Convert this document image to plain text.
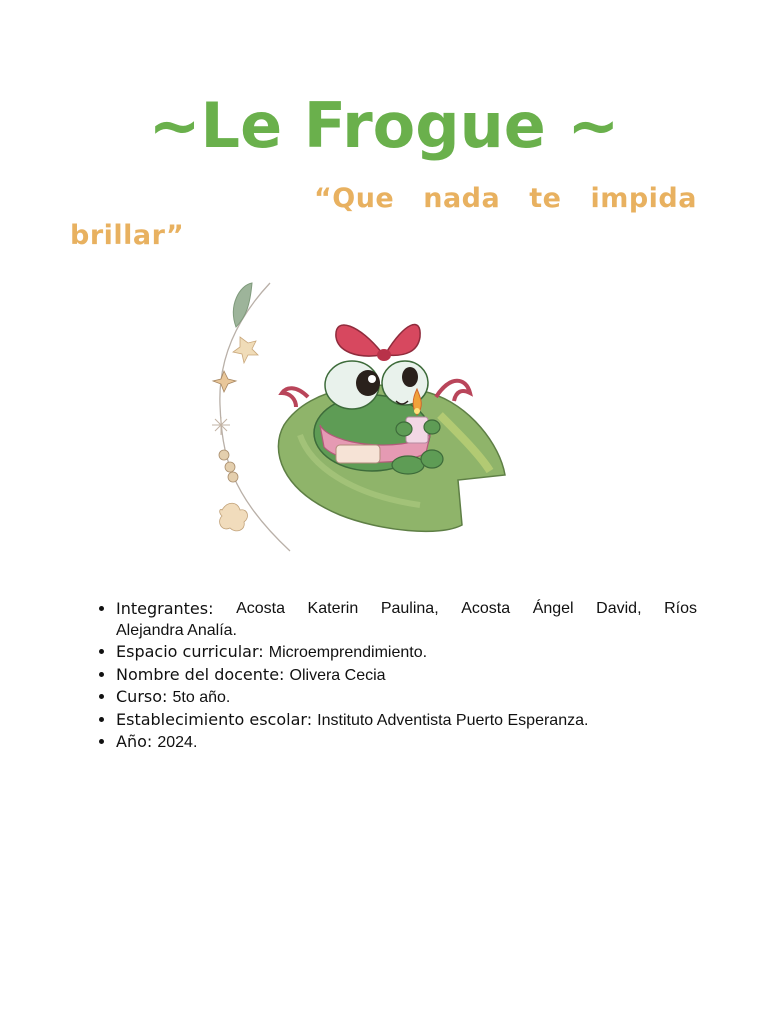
~Le Frogue ~
“Que nada te impida
brillar”
• Integrantes: Acosta Katerin Paulina, Acosta Ángel David, Ríos
Alejandra Analía.
• Espacio curricular: Microemprendimiento.
• Nombre del docente: Olivera Cecia
• Curso: 5to año.
• Establecimiento escolar: Instituto Adventista Puerto Esperanza.
• Año: 2024.
